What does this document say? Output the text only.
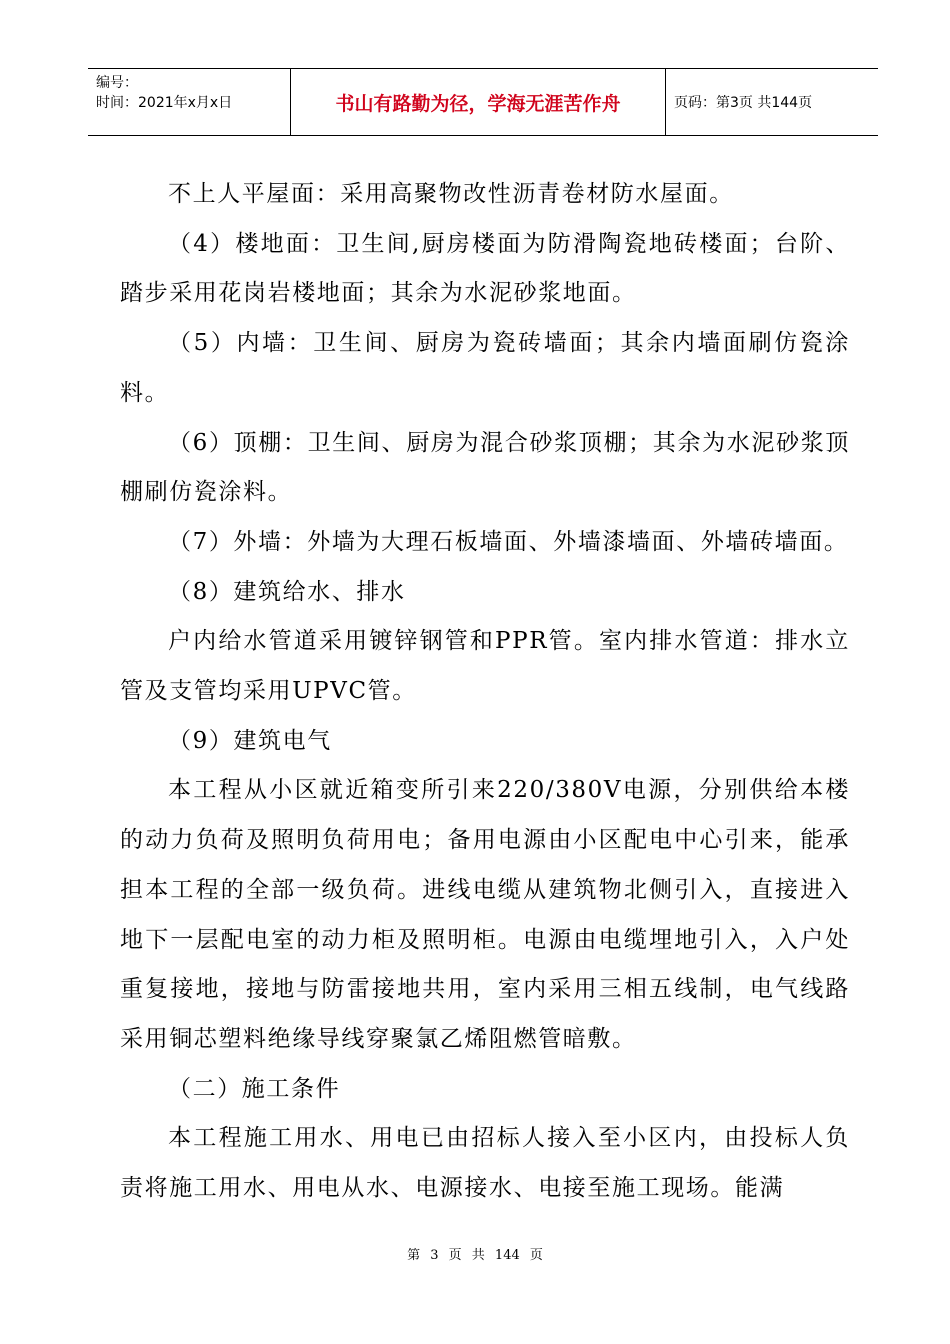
编号：
时间：2021年x月x日	书山有路勤为径，学海无涯苦作舟	页码：第3页 共144页

不上人平屋面：采用高聚物改性沥青卷材防水屋面。

（4）楼地面：卫生间,厨房楼面为防滑陶瓷地砖楼面；台阶、踏步采用花岗岩楼地面；其余为水泥砂浆地面。

（5）内墙：卫生间、厨房为瓷砖墙面；其余内墙面刷仿瓷涂料。

（6）顶棚：卫生间、厨房为混合砂浆顶棚；其余为水泥砂浆顶棚刷仿瓷涂料。

（7）外墙：外墙为大理石板墙面、外墙漆墙面、外墙砖墙面。

（8）建筑给水、排水

户内给水管道采用镀锌钢管和PPR管。室内排水管道：排水立管及支管均采用UPVC管。

（9）建筑电气

本工程从小区就近箱变所引来220/380V电源，分别供给本楼的动力负荷及照明负荷用电；备用电源由小区配电中心引来，能承担本工程的全部一级负荷。进线电缆从建筑物北侧引入，直接进入地下一层配电室的动力柜及照明柜。电源由电缆埋地引入，入户处重复接地，接地与防雷接地共用，室内采用三相五线制，电气线路采用铜芯塑料绝缘导线穿聚氯乙烯阻燃管暗敷。

（二）施工条件

本工程施工用水、用电已由招标人接入至小区内，由投标人负责将施工用水、用电从水、电源接水、电接至施工现场。能满

第 3 页 共 144 页
